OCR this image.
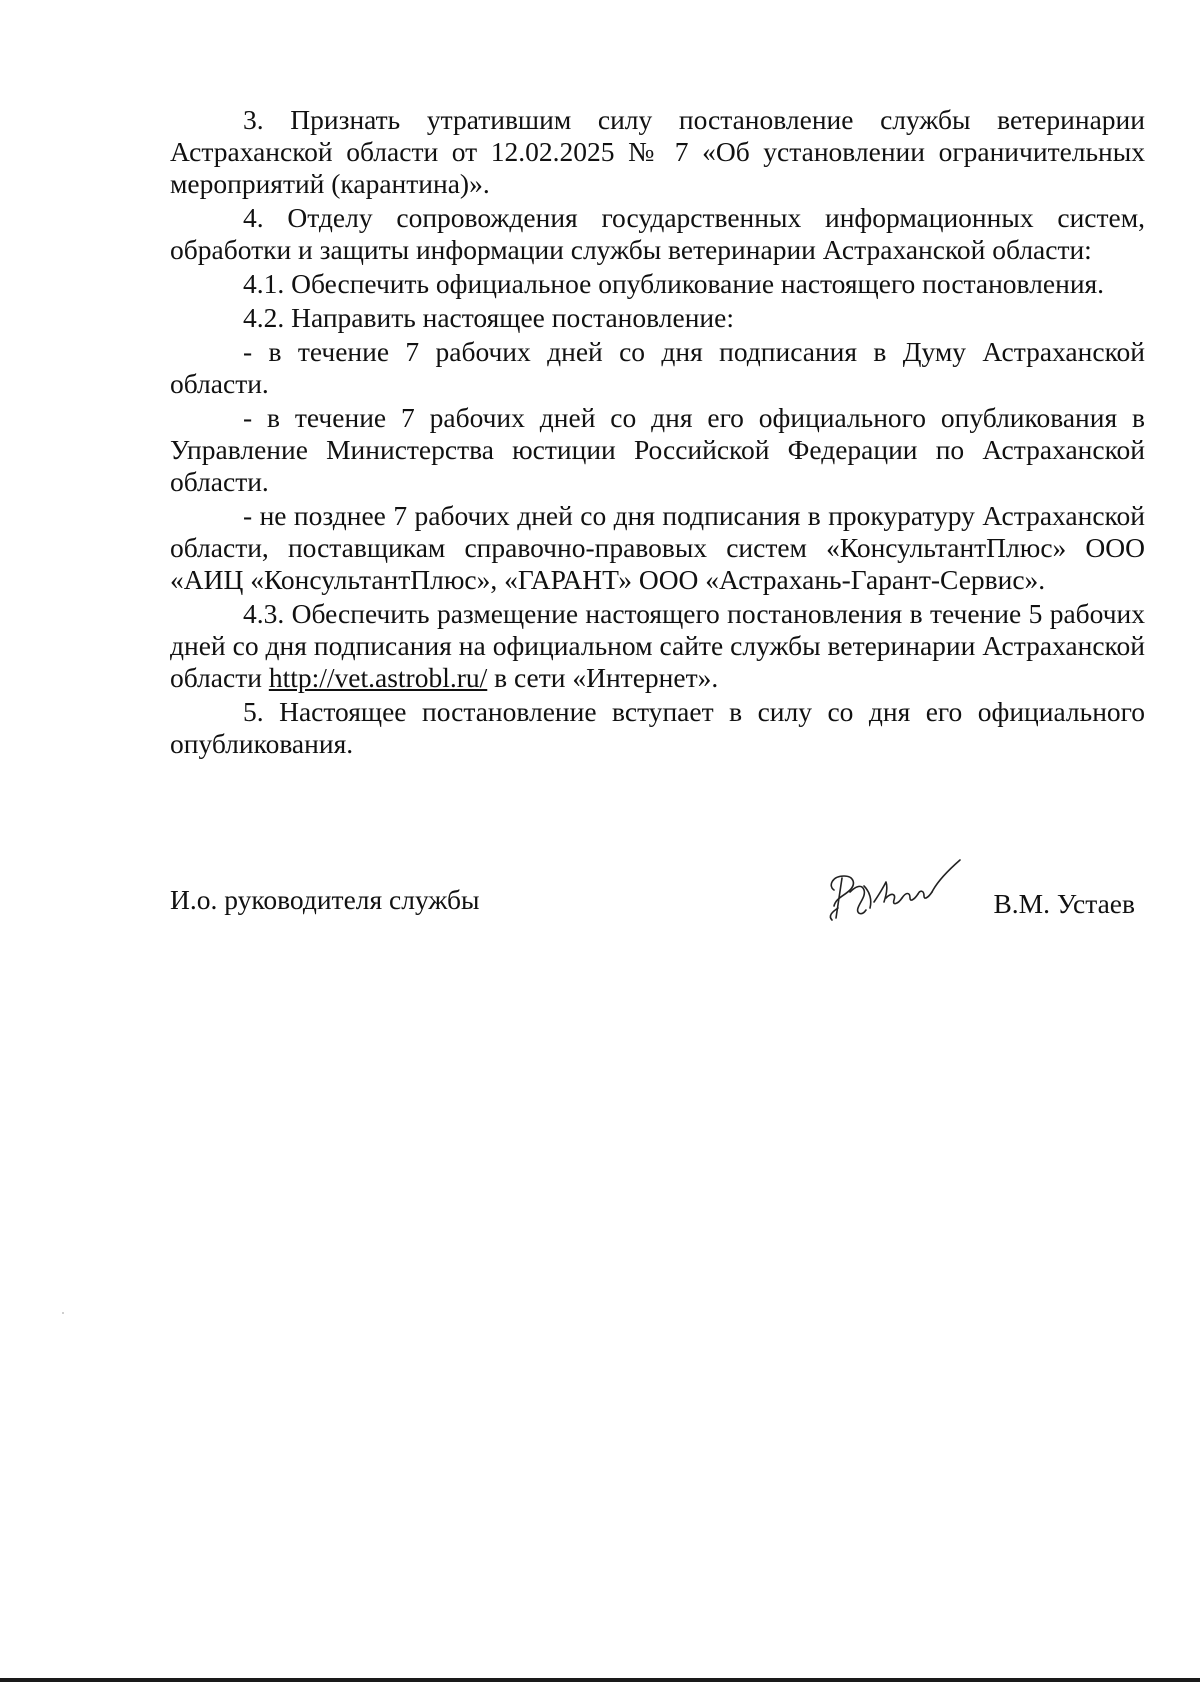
3. Признать утратившим силу постановление службы ветеринарии Астраханской области от 12.02.2025 № 7 «Об установлении ограничительных мероприятий (карантина)».

4. Отделу сопровождения государственных информационных систем, обработки и защиты информации службы ветеринарии Астраханской области:

4.1. Обеспечить официальное опубликование настоящего постановления.

4.2. Направить настоящее постановление:

- в течение 7 рабочих дней со дня подписания в Думу Астраханской области.

- в течение 7 рабочих дней со дня его официального опубликования в Управление Министерства юстиции Российской Федерации по Астраханской области.

- не позднее 7 рабочих дней со дня подписания в прокуратуру Астраханской области, поставщикам справочно-правовых систем «КонсультантПлюс» ООО «АИЦ «КонсультантПлюс», «ГАРАНТ» ООО «Астрахань-Гарант-Сервис».

4.3. Обеспечить размещение настоящего постановления в течение 5 рабочих дней со дня подписания на официальном сайте службы ветеринарии Астраханской области http://vet.astrobl.ru/ в сети «Интернет».

5. Настоящее постановление вступает в силу со дня его официального опубликования.

И.о. руководителя службы	В.М. Устаев
